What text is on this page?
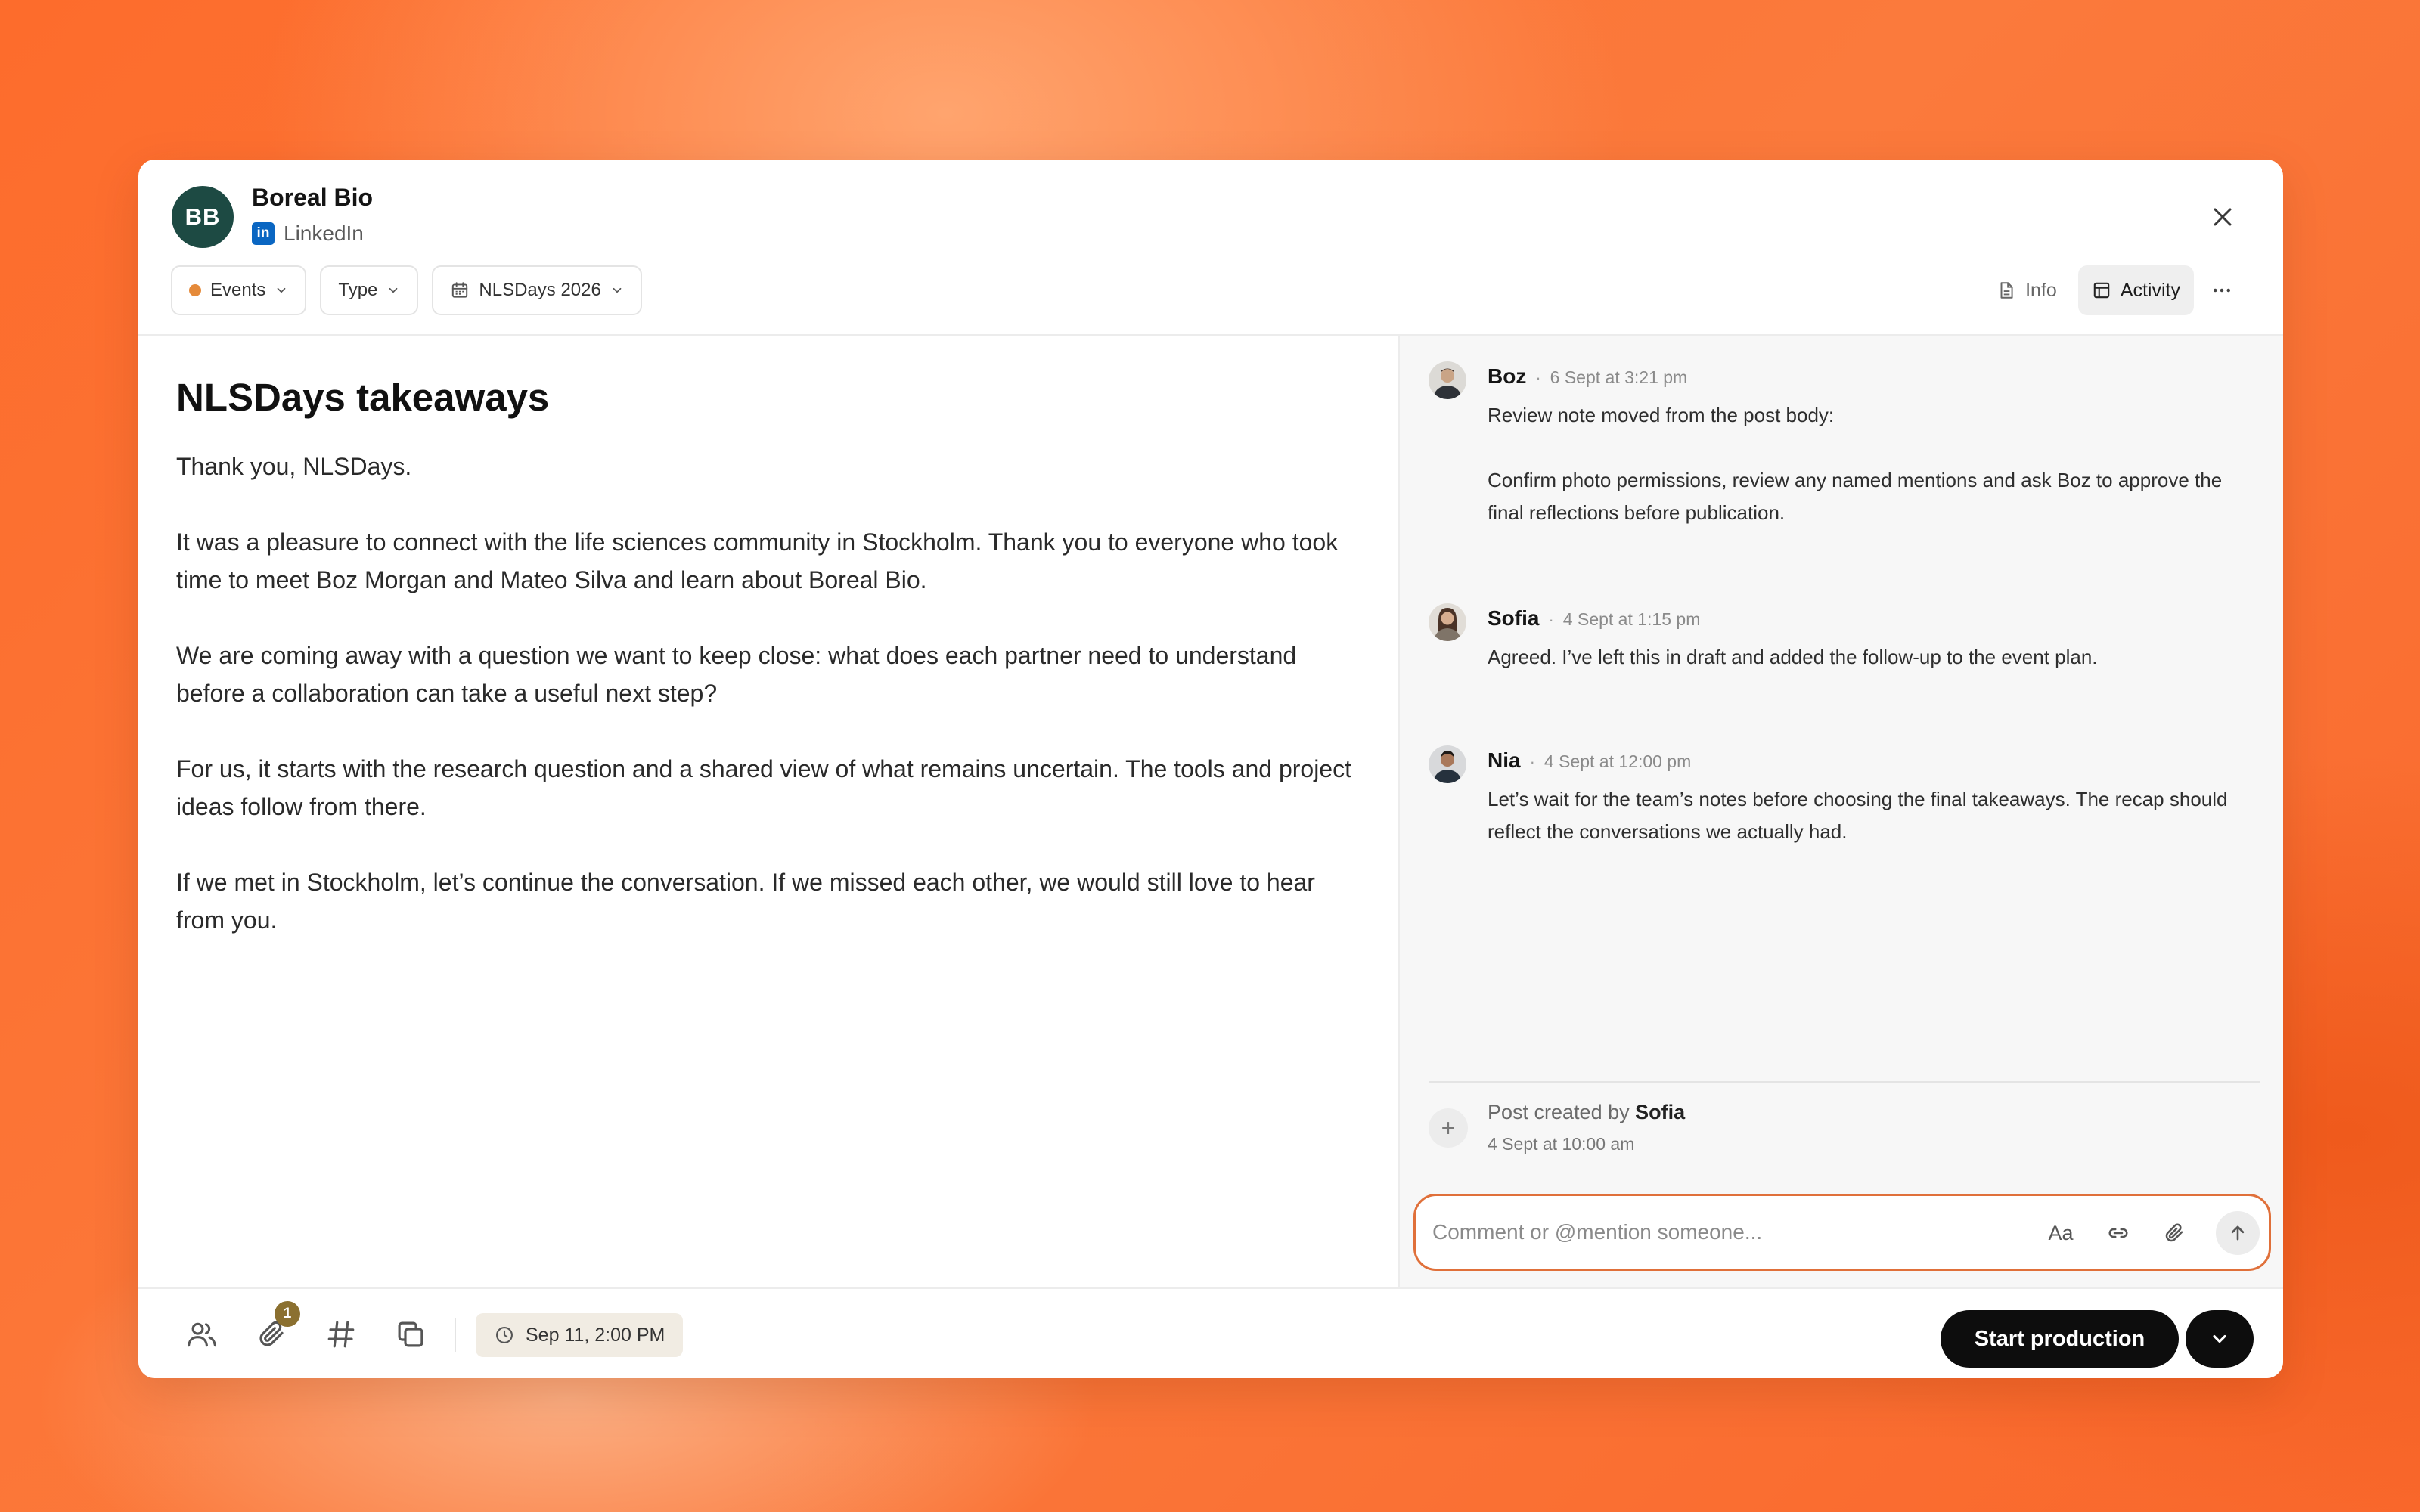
BB
Boreal Bio
in LinkedIn
Events	Type	NLSDays 2026	Info	Activity
NLSDays takeaways

Thank you, NLSDays.

It was a pleasure to connect with the life sciences community in Stockholm. Thank you to everyone who took time to meet Boz Morgan and Mateo Silva and learn about Boreal Bio.

We are coming away with a question we want to keep close: what does each partner need to understand before a collaboration can take a useful next step?

For us, it starts with the research question and a shared view of what remains uncertain. The tools and project ideas follow from there.

If we met in Stockholm, let’s continue the conversation. If we missed each other, we would still love to hear from you.

Boz · 6 Sept at 3:21 pm
Review note moved from the post body:
Confirm photo permissions, review any named mentions and ask Boz to approve the final reflections before publication.
Sofia · 4 Sept at 1:15 pm
Agreed. I’ve left this in draft and added the follow-up to the event plan.
Nia · 4 Sept at 12:00 pm
Let’s wait for the team’s notes before choosing the final takeaways. The recap should reflect the conversations we actually had.
+
Post created by Sofia
4 Sept at 10:00 am
Comment or @mention someone...
Aa
1
Sep 11, 2:00 PM	Start production
